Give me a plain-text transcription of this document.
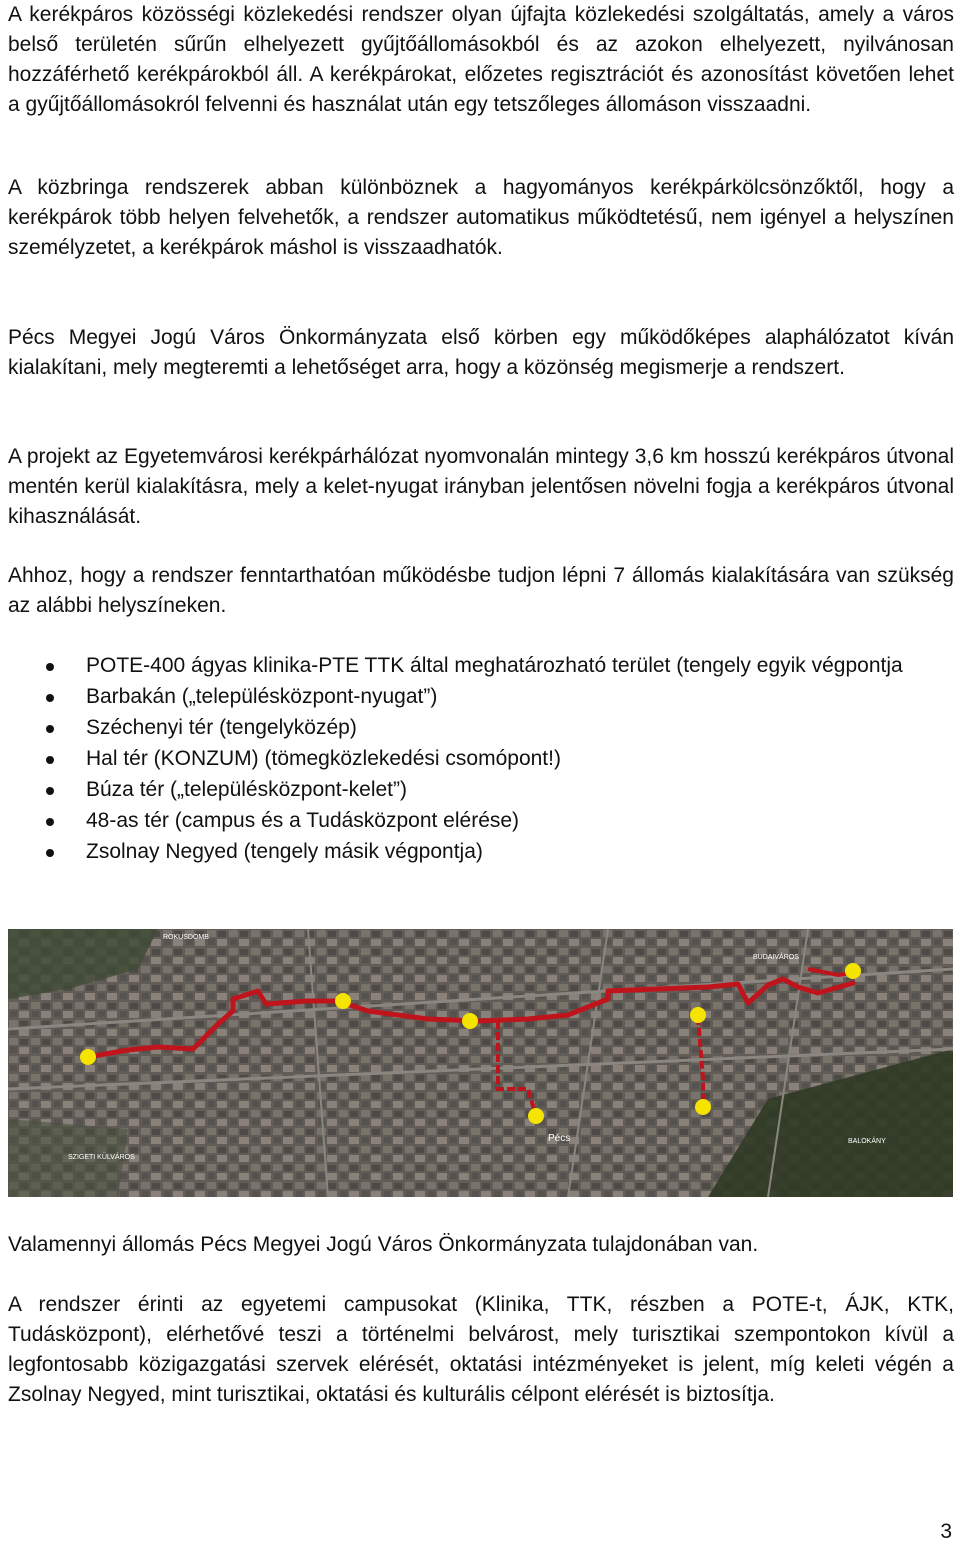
A kerékpáros közösségi közlekedési rendszer olyan újfajta közlekedési szolgáltatás, amely a város belső területén sűrűn elhelyezett gyűjtőállomásokból és az azokon elhelyezett, nyilvánosan hozzáférhető kerékpárokból áll. A kerékpárokat, előzetes regisztrációt és azonosítást követően lehet a gyűjtőállomásokról felvenni és használat után egy tetszőleges állomáson visszaadni.

A közbringa rendszerek abban különböznek a hagyományos kerékpárkölcsönzőktől, hogy a kerékpárok több helyen felvehetők, a rendszer automatikus működtetésű, nem igényel a helyszínen személyzetet, a kerékpárok máshol is visszaadhatók.

Pécs Megyei Jogú Város Önkormányzata első körben egy működőképes alaphálózatot kíván kialakítani, mely megteremti a lehetőséget arra, hogy a közönség megismerje a rendszert.

A projekt az Egyetemvárosi kerékpárhálózat nyomvonalán mintegy 3,6 km hosszú kerékpáros útvonal mentén kerül kialakításra, mely a kelet-nyugat irányban jelentősen növelni fogja a kerékpáros útvonal kihasználását.

Ahhoz, hogy a rendszer fenntarthatóan működésbe tudjon lépni 7 állomás kialakítására van szükség az alábbi helyszíneken.

POTE-400 ágyas klinika-PTE TTK által meghatározható terület (tengely egyik végpontja
Barbakán („településközpont-nyugat”)
Széchenyi tér (tengelyközép)
Hal tér (KONZUM) (tömegközlekedési csomópont!)
Búza tér („településközpont-kelet”)
48-as tér (campus és a Tudásközpont elérése)
Zsolnay Negyed (tengely másik végpontja)
ROKUSDOMB
SZIGETI KÜLVÁROS
BUDAIVÁROS
BALOKÁNY
Pécs

Valamennyi állomás Pécs Megyei Jogú Város Önkormányzata tulajdonában van.

A rendszer érinti az egyetemi campusokat (Klinika, TTK, részben a POTE-t, ÁJK, KTK, Tudásközpont), elérhetővé teszi a történelmi belvárost, mely turisztikai szempontokon kívül a legfontosabb közigazgatási szervek elérését, oktatási intézményeket is jelent, míg keleti végén a Zsolnay Negyed, mint turisztikai, oktatási és kulturális célpont elérését is biztosítja.

3
